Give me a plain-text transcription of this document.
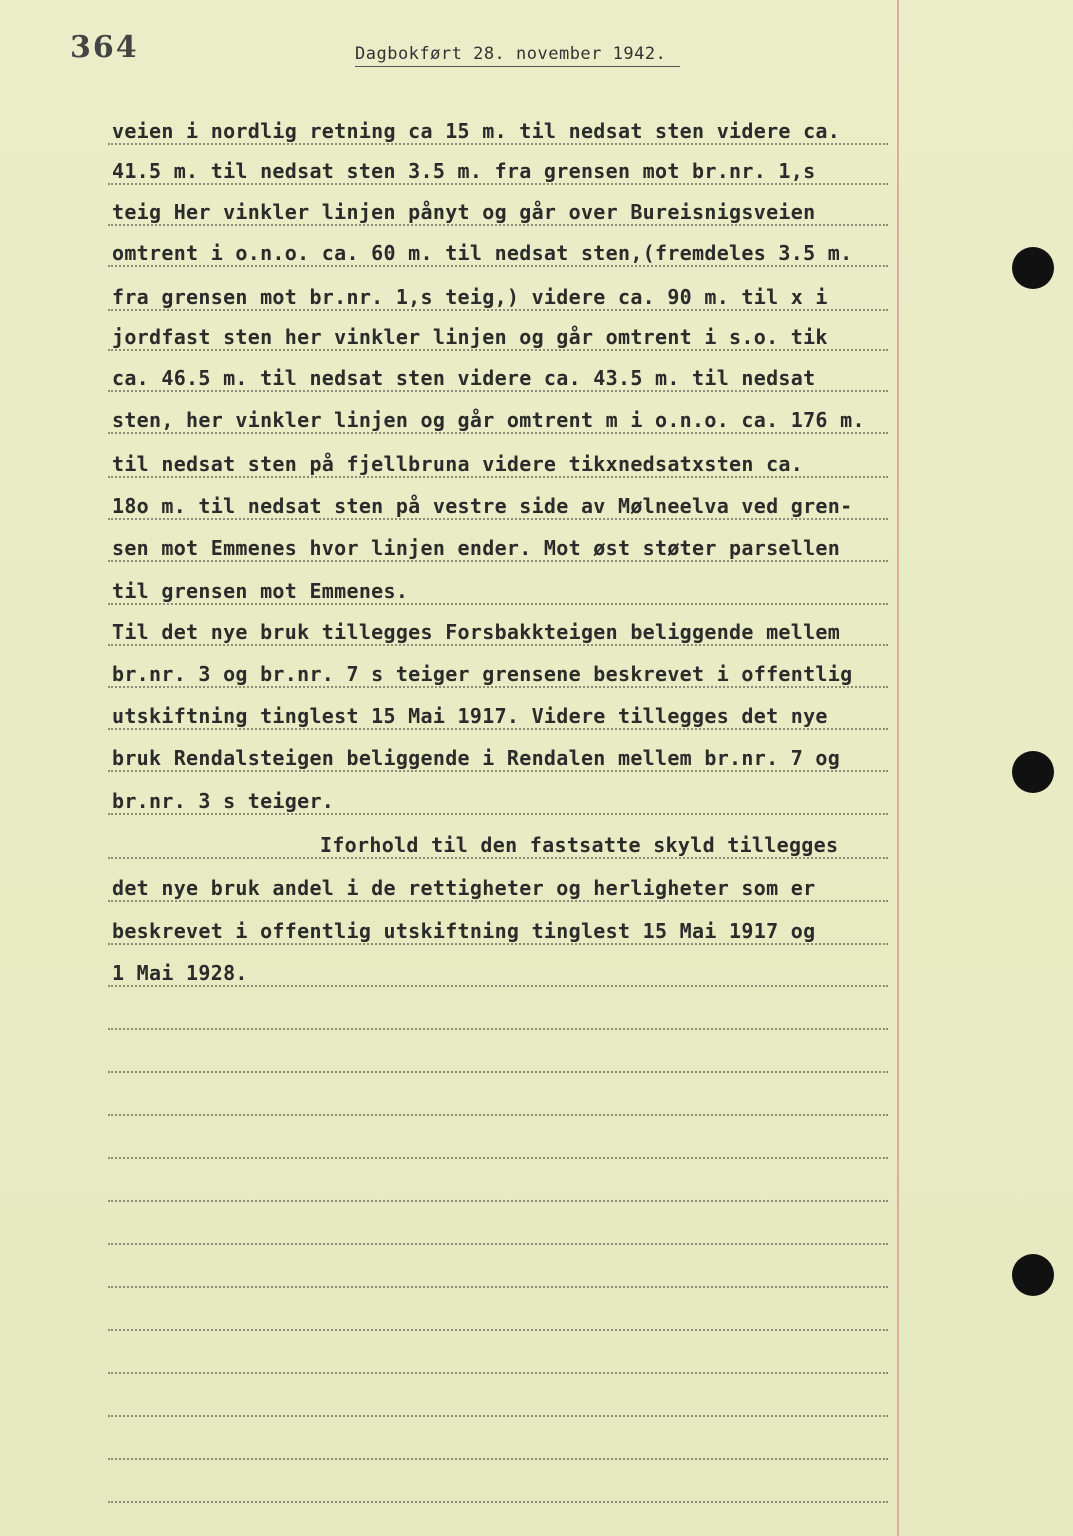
364	Dagbokført 28. november 1942.
veien i nordlig retning ca 15 m. til nedsat sten videre ca.
41.5 m. til nedsat sten 3.5 m. fra grensen mot br.nr. 1,s
teig Her vinkler linjen pånyt og går over Bureisnigsveien
omtrent i o.n.o. ca. 60 m. til nedsat sten,(fremdeles 3.5 m.
fra grensen mot br.nr. 1,s teig,) videre ca. 90 m. til x i
jordfast sten her vinkler linjen og går omtrent i s.o. tik
ca. 46.5 m. til nedsat sten videre ca. 43.5 m. til nedsat
sten, her vinkler linjen og går omtrent m i o.n.o. ca. 176 m.
til nedsat sten på fjellbruna videre tikxnedsatxsten ca.
18o m. til nedsat sten på vestre side av Mølneelva ved gren-
sen mot Emmenes hvor linjen ender. Mot øst støter parsellen
til grensen mot Emmenes.
Til det nye bruk tillegges Forsbakkteigen beliggende mellem
br.nr. 3 og br.nr. 7 s teiger grensene beskrevet i offentlig
utskiftning tinglest 15 Mai 1917. Videre tillegges det nye
bruk Rendalsteigen beliggende i Rendalen mellem br.nr. 7 og
br.nr. 3 s teiger.
Iforhold til den fastsatte skyld tillegges
det nye bruk andel i de rettigheter og herligheter som er
beskrevet i offentlig utskiftning tinglest 15 Mai 1917 og
1 Mai 1928.
